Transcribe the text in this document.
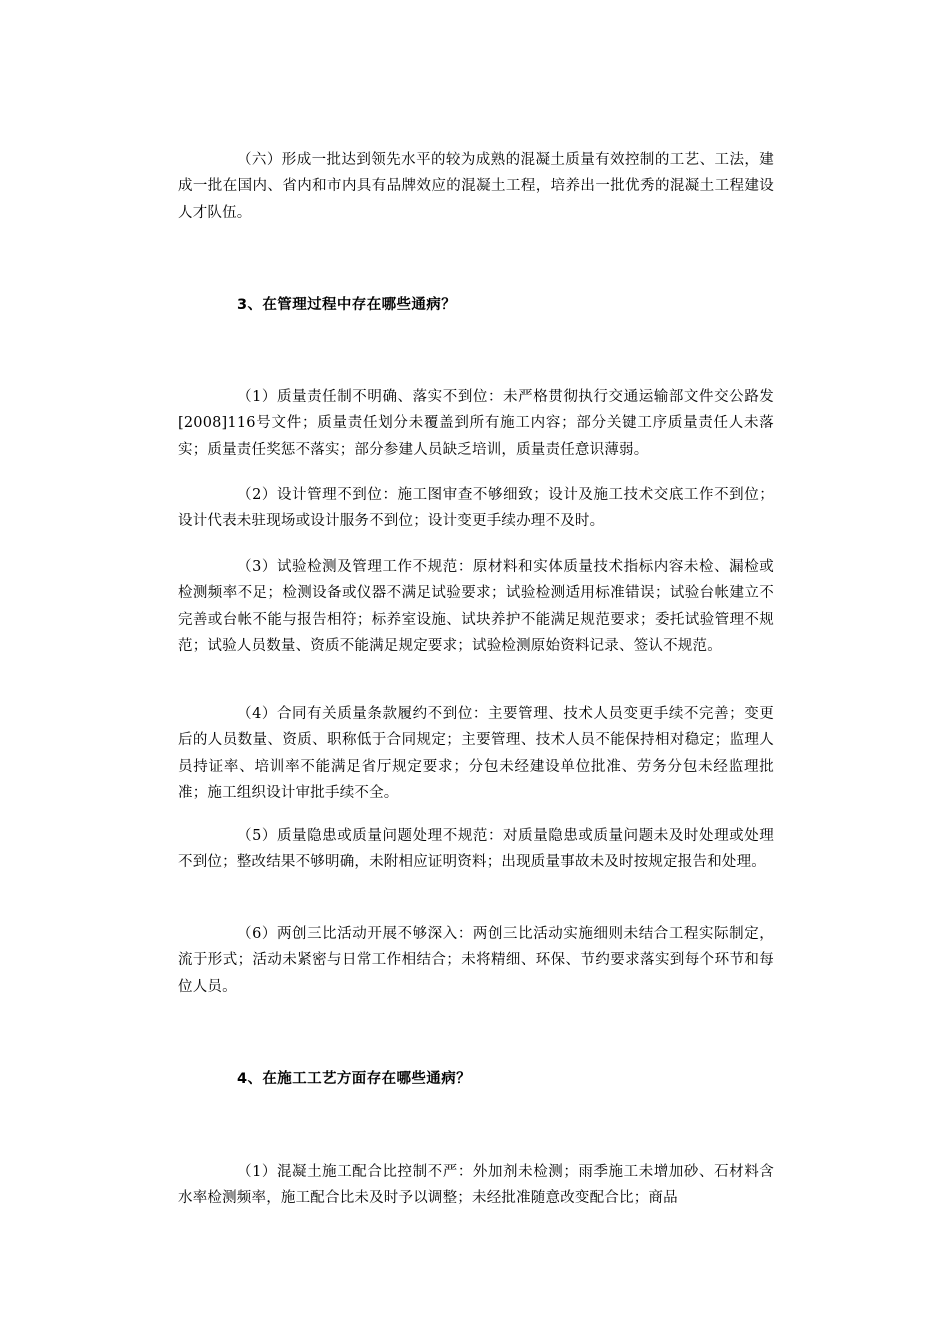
（六）形成一批达到领先水平的较为成熟的混凝土质量有效控制的工艺、工法，建成一批在国内、省内和市内具有品牌效应的混凝土工程，培养出一批优秀的混凝土工程建设人才队伍。

3、在管理过程中存在哪些通病？

（1）质量责任制不明确、落实不到位：未严格贯彻执行交通运输部文件交公路发[2008]116号文件；质量责任划分未覆盖到所有施工内容；部分关键工序质量责任人未落实；质量责任奖惩不落实；部分参建人员缺乏培训，质量责任意识薄弱。

（2）设计管理不到位：施工图审查不够细致；设计及施工技术交底工作不到位；设计代表未驻现场或设计服务不到位；设计变更手续办理不及时。

（3）试验检测及管理工作不规范：原材料和实体质量技术指标内容未检、漏检或检测频率不足；检测设备或仪器不满足试验要求；试验检测适用标准错误；试验台帐建立不完善或台帐不能与报告相符；标养室设施、试块养护不能满足规范要求；委托试验管理不规范；试验人员数量、资质不能满足规定要求；试验检测原始资料记录、签认不规范。

（4）合同有关质量条款履约不到位：主要管理、技术人员变更手续不完善；变更后的人员数量、资质、职称低于合同规定；主要管理、技术人员不能保持相对稳定；监理人员持证率、培训率不能满足省厅规定要求；分包未经建设单位批准、劳务分包未经监理批准；施工组织设计审批手续不全。

（5）质量隐患或质量问题处理不规范：对质量隐患或质量问题未及时处理或处理不到位；整改结果不够明确，未附相应证明资料；出现质量事故未及时按规定报告和处理。

（6）两创三比活动开展不够深入：两创三比活动实施细则未结合工程实际制定，流于形式；活动未紧密与日常工作相结合；未将精细、环保、节约要求落实到每个环节和每位人员。

4、在施工工艺方面存在哪些通病？

（1）混凝土施工配合比控制不严：外加剂未检测；雨季施工未增加砂、石材料含水率检测频率，施工配合比未及时予以调整；未经批准随意改变配合比；商品
